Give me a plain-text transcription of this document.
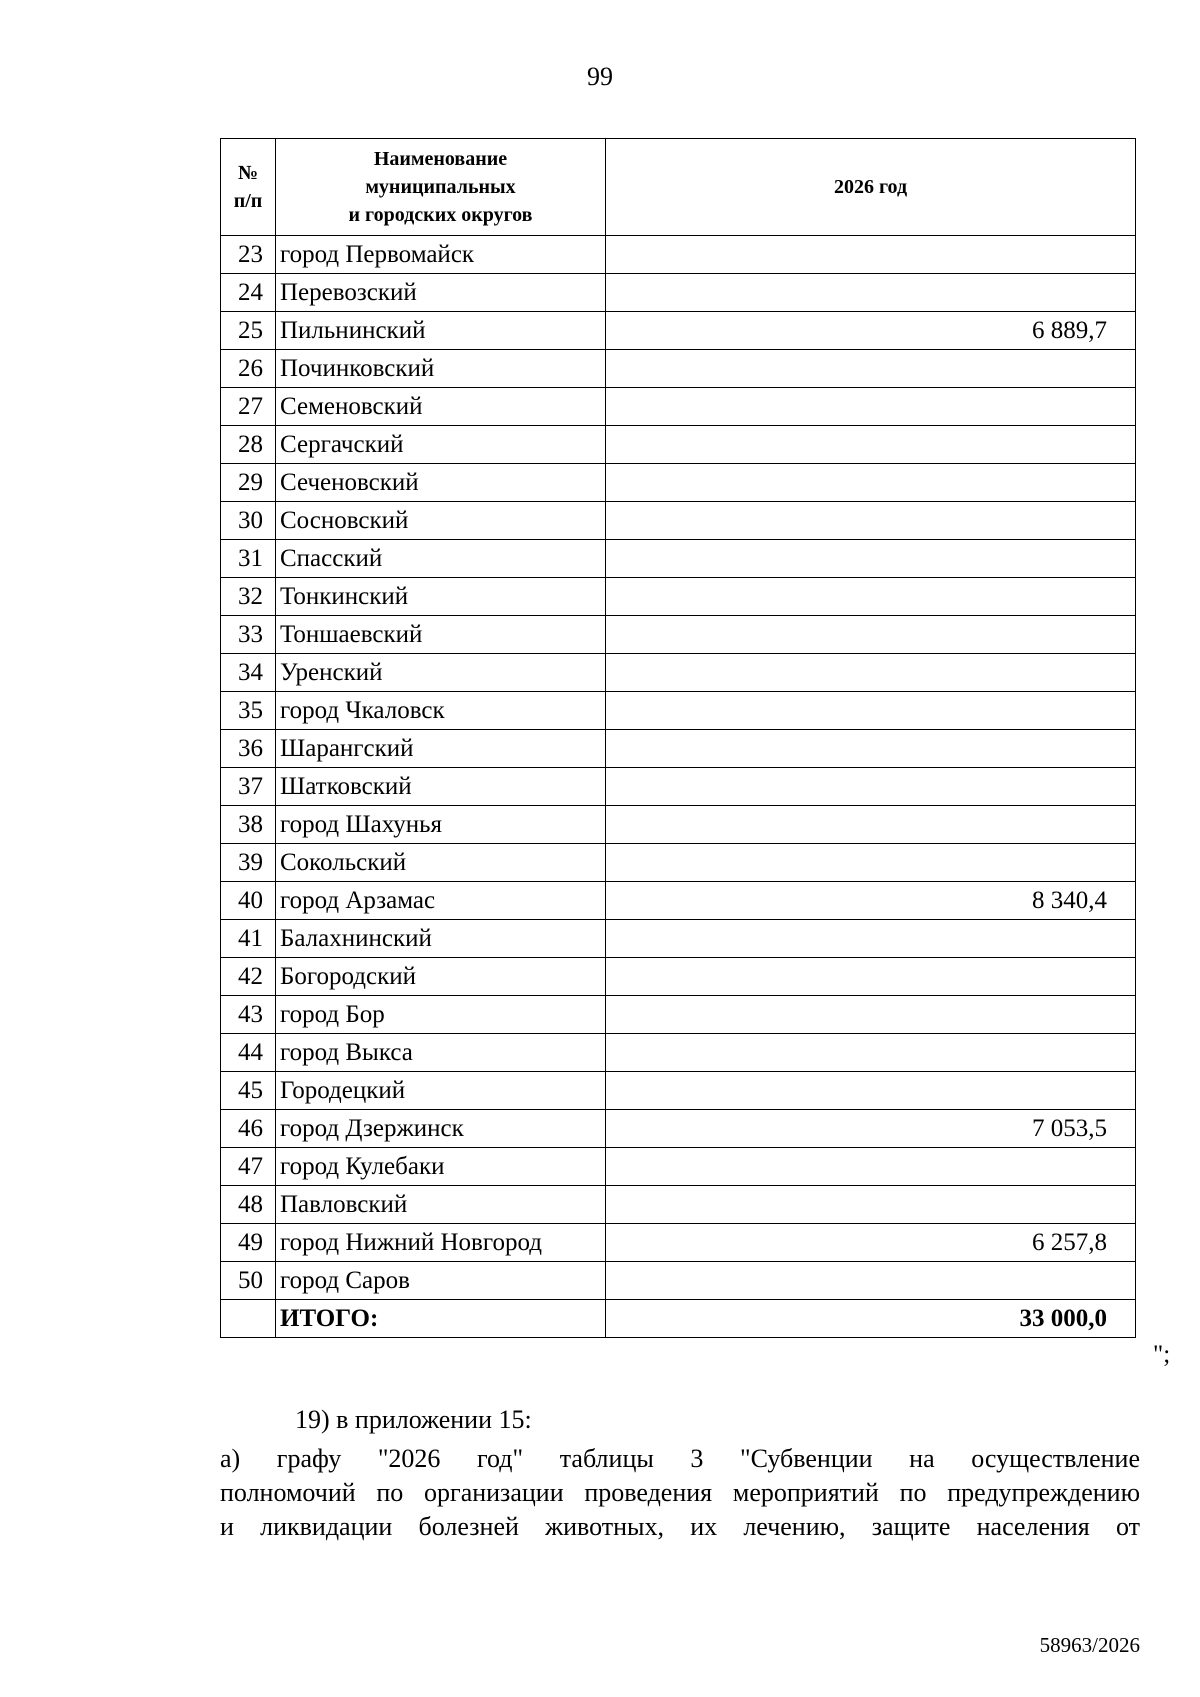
99
№
п/п	Наименование
муниципальных
и городских округов	2026 год
23	город Первомайск	
24	Перевозский	
25	Пильнинский	6 889,7
26	Починковский	
27	Семеновский	
28	Сергачский	
29	Сеченовский	
30	Сосновский	
31	Спасский	
32	Тонкинский	
33	Тоншаевский	
34	Уренский	
35	город Чкаловск	
36	Шарангский	
37	Шатковский	
38	город Шахунья	
39	Сокольский	
40	город Арзамас	8 340,4
41	Балахнинский	
42	Богородский	
43	город Бор	
44	город Выкса	
45	Городецкий	
46	город Дзержинск	7 053,5
47	город Кулебаки	
48	Павловский	
49	город Нижний Новгород	6 257,8
50	город Саров	
	ИТОГО:	33 000,0
";
19) в приложении 15:
а) графу "2026 год" таблицы 3 "Субвенции на осуществление
полномочий по организации проведения мероприятий по предупреждению
и ликвидации болезней животных, их лечению, защите населения от
58963/2026
